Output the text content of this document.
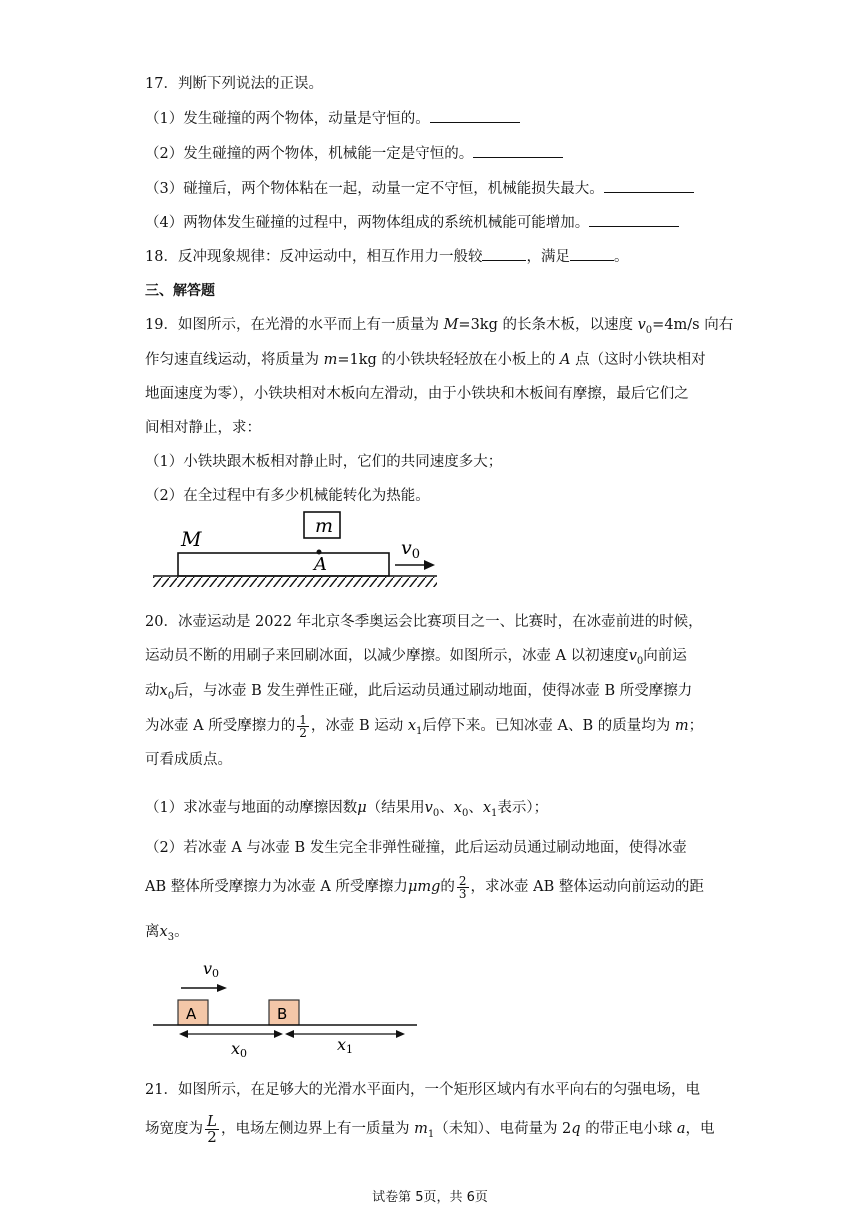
17．判断下列说法的正误。
（1）发生碰撞的两个物体，动量是守恒的。
（2）发生碰撞的两个物体，机械能一定是守恒的。
（3）碰撞后，两个物体粘在一起，动量一定不守恒，机械能损失最大。
（4）两物体发生碰撞的过程中，两物体组成的系统机械能可能增加。
18．反冲现象规律：反冲运动中，相互作用力一般较	，满足	。
三、解答题
19．如图所示，在光滑的水平而上有一质量为 M=3kg 的长条木板，以速度 $v_0=4m/s$ 向右
作匀速直线运动，将质量为 m=1kg 的小铁块轻轻放在小板上的 A 点（这时小铁块相对
地面速度为零），小铁块相对木板向左滑动，由于小铁块和木板间有摩擦，最后它们之
间相对静止，求：
（1）小铁块跟木板相对静止时，它们的共同速度多大；
（2）在全过程中有多少机械能转化为热能。
m
M
A
$v_0$
20．冰壶运动是 2022 年北京冬季奥运会比赛项目之一、比赛时，在冰壶前进的时候，
运动员不断的用刷子来回刷冰面，以减少摩擦。如图所示，冰壶 A 以初速度$v_0$向前运
动$x_0$后，与冰壶 B 发生弹性正碰，此后运动员通过刷动地面，使得冰壶 B 所受摩擦力
为冰壶 A 所受摩擦力的 $\frac{1}{2}$ ，冰壶 B 运动 $x_1$后停下来。已知冰壶 A、B 的质量均为 m；
可看成质点。
（1）求冰壶与地面的动摩擦因数μ（结果用$v_0$、$x_0$、$x_1$表示）；
（2）若冰壶 A 与冰壶 B 发生完全非弹性碰撞，此后运动员通过刷动地面，使得冰壶
AB 整体所受摩擦力为冰壶 A 所受摩擦力μmg的 $\frac{2}{3}$ ，求冰壶 AB 整体运动向前运动的距
离$x_3$。
v0
A	B
x0	x1
21．如图所示，在足够大的光滑水平面内，一个矩形区域内有水平向右的匀强电场，电
场宽度为 $\frac{L}{2}$ ，电场左侧边界上有一质量为 $m_1$（未知）、电荷量为 2q 的带正电小球 a，电
试卷第 5页，共 6页
